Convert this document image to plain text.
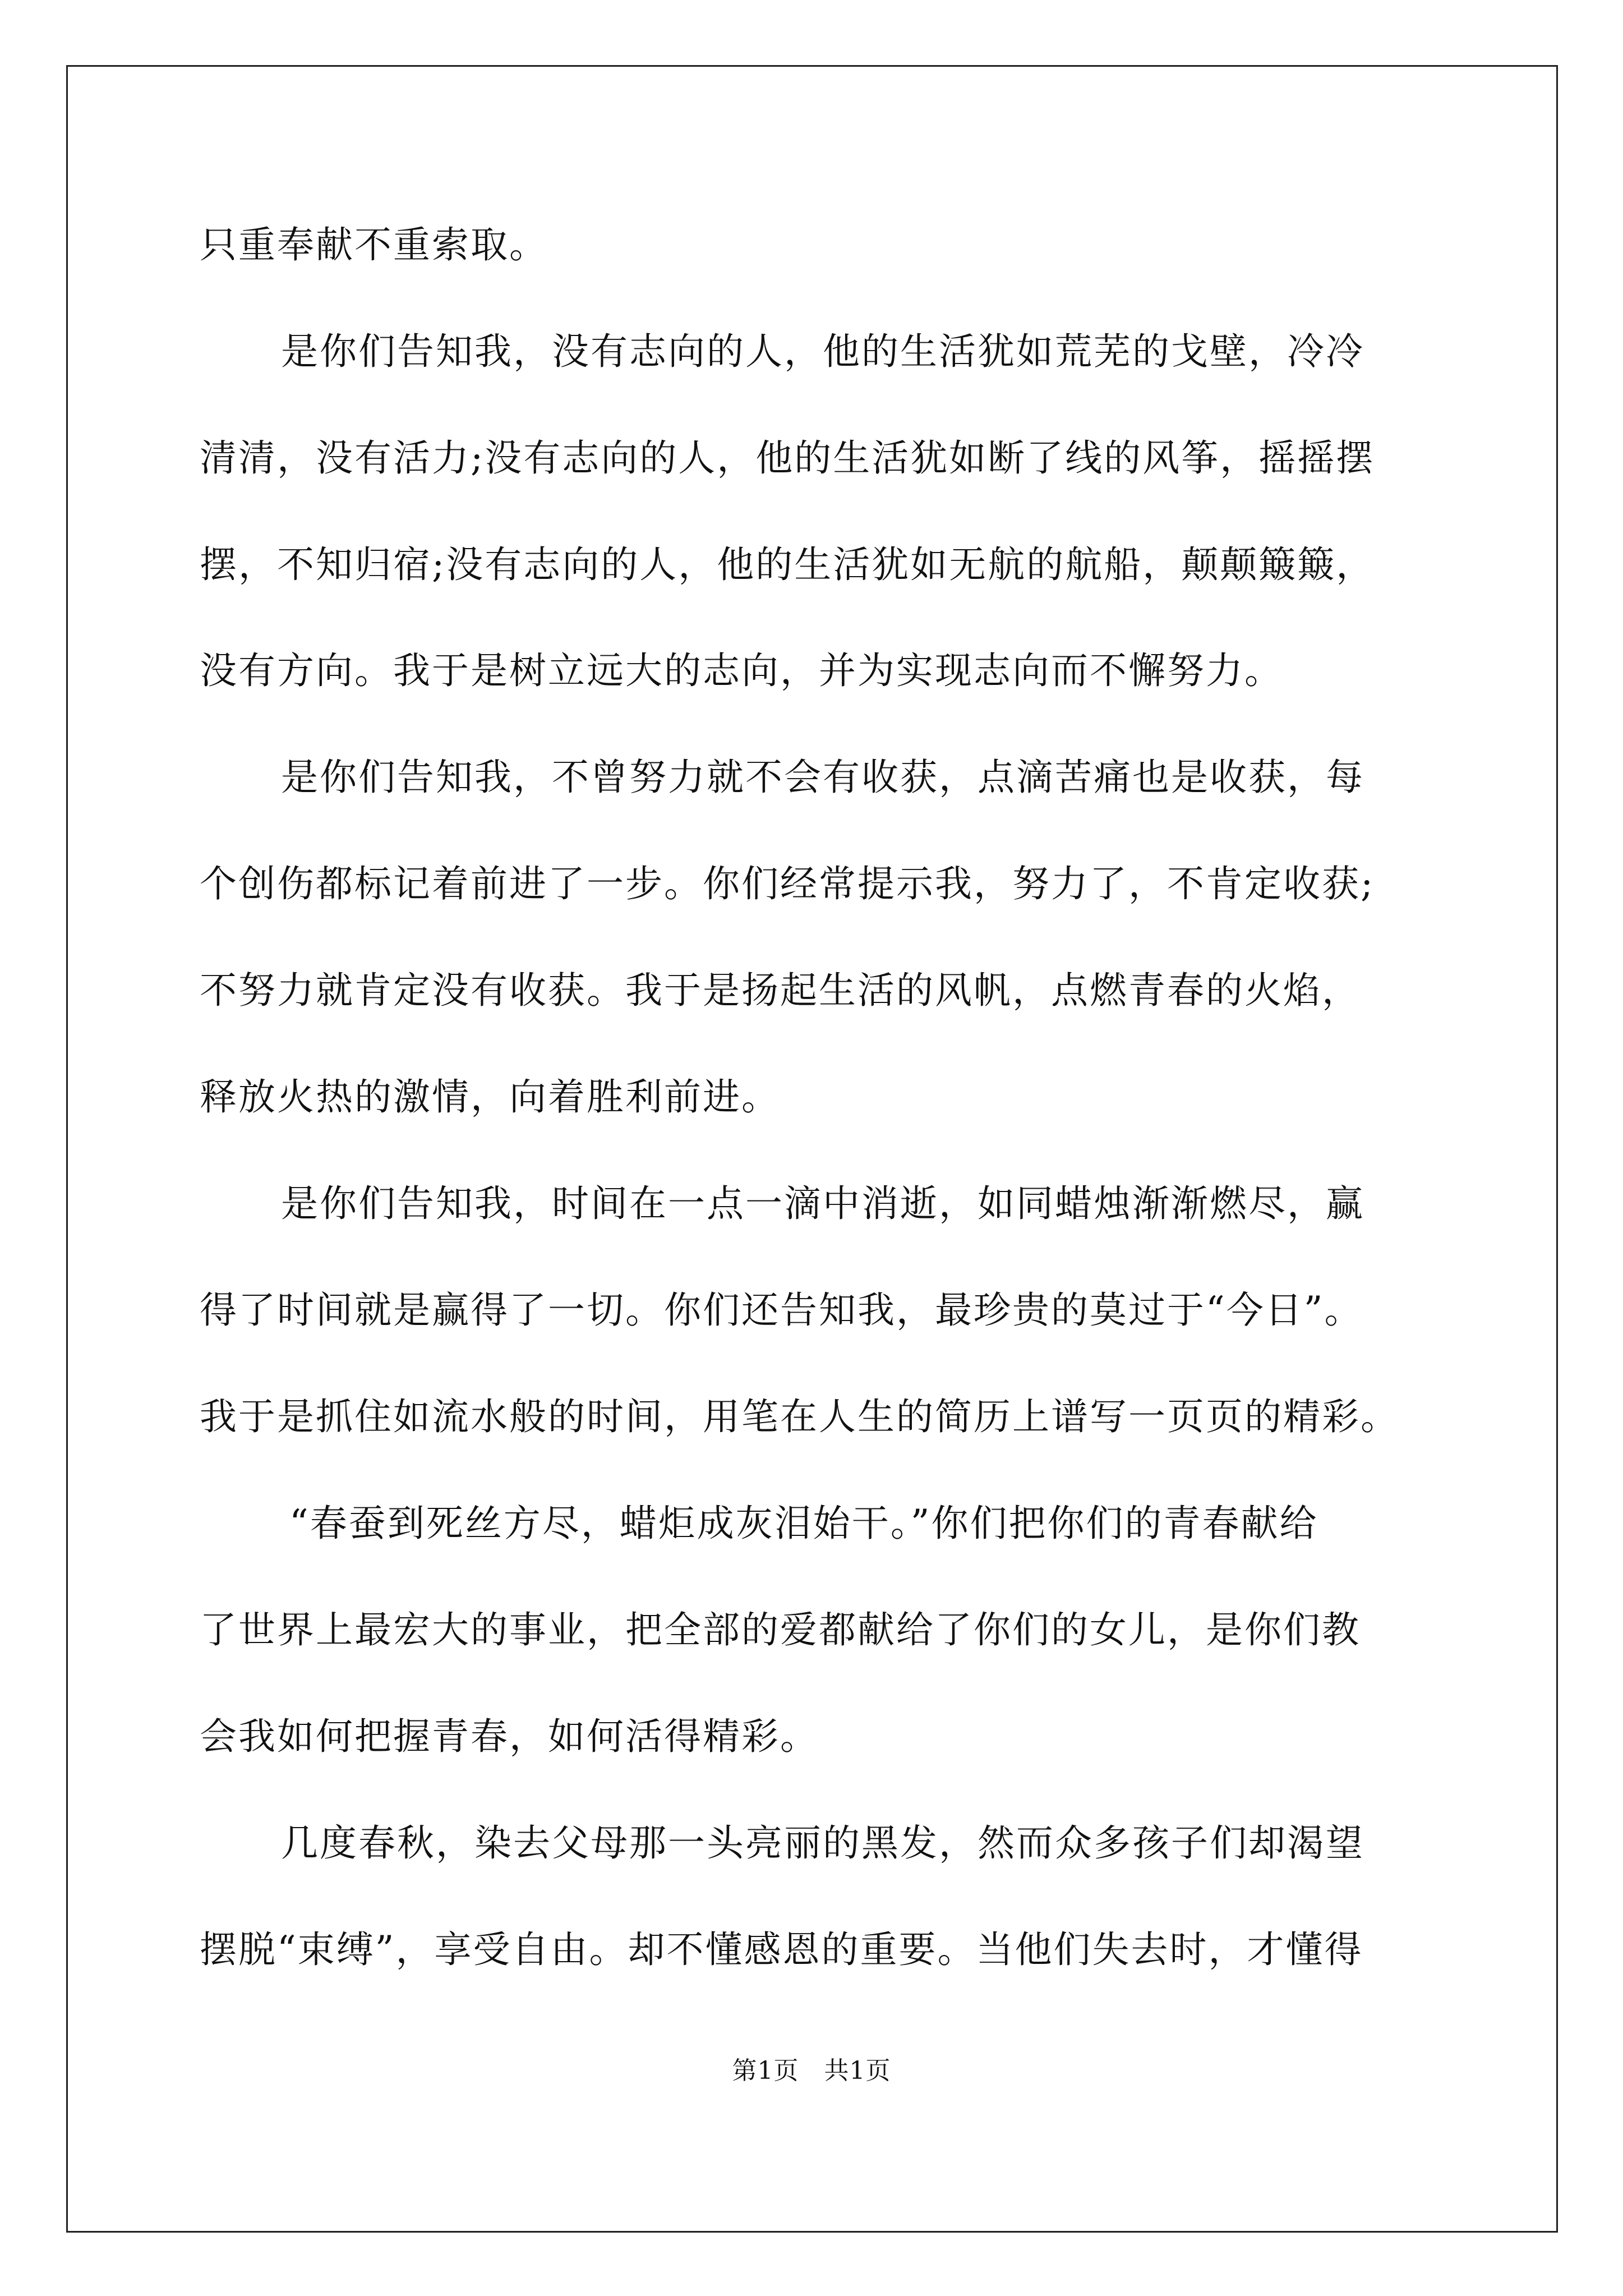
只重奉献不重索取。
是你们告知我，没有志向的人，他的生活犹如荒芜的戈壁，冷冷
清清，没有活力;没有志向的人，他的生活犹如断了线的风筝，摇摇摆
摆，不知归宿;没有志向的人，他的生活犹如无航的航船，颠颠簸簸，
没有方向。我于是树立远大的志向，并为实现志向而不懈努力。
是你们告知我，不曾努力就不会有收获，点滴苦痛也是收获，每
个创伤都标记着前进了一步。你们经常提示我，努力了，不肯定收获;
不努力就肯定没有收获。我于是扬起生活的风帆，点燃青春的火焰，
释放火热的激情，向着胜利前进。
是你们告知我，时间在一点一滴中消逝，如同蜡烛渐渐燃尽，赢
得了时间就是赢得了一切。你们还告知我，最珍贵的莫过于“今日”。
我于是抓住如流水般的时间，用笔在人生的简历上谱写一页页的精彩。
“春蚕到死丝方尽，蜡炬成灰泪始干。”你们把你们的青春献给
了世界上最宏大的事业，把全部的爱都献给了你们的女儿，是你们教
会我如何把握青春，如何活得精彩。
几度春秋，染去父母那一头亮丽的黑发，然而众多孩子们却渴望
摆脱“束缚”，享受自由。却不懂感恩的重要。当他们失去时，才懂得
第1页 共1页
